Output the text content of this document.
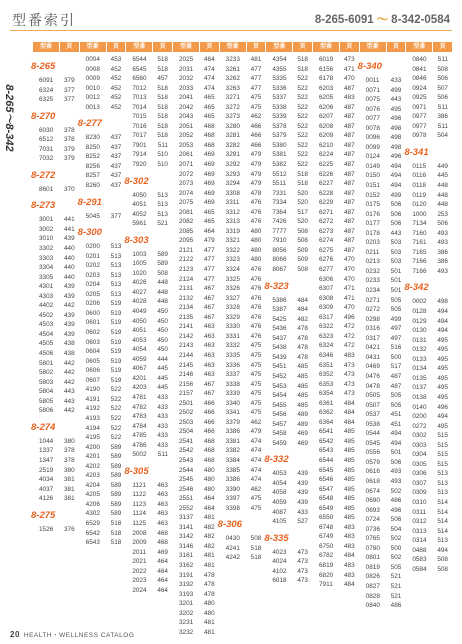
型番索引	8-265-6091 ～ 8-342-0584
8-265～8-342
型番	頁
8-265
6091 379
6324 377
6325 377
8-270
6030 378
6512 378
7031 379
7032 379
8-272
8601 370
8-273
3001 441
3002 441
3010 439
3302 440
3303 440
3304 440
3305 440
4301 439
4303 439
4402 442
4502 439
4503 439
4504 439
4505 438
4506 438
5801 442
5802 442
5803 442
5804 443
5805 443
5806 442
8-274
1044 380
1337 378
1347 378
2519 380
4034 381
4037 381
4126 381
8-275
1526 376
型番	頁
0004 453
0008 452
0009 452
0010 452
0012 452
0013 452
8-277
8230 437
8250 437
8252 437
8256 437
8257 437
8260 437
8-291
5045 377
8-300
0200 513
0201 513
0202 513
0203 513
0204 513
0205 513
0206 519
0600 519
0601 519
0602 519
0603 519
0604 519
0605 519
0606 519
0607 519
4190 522
4191 522
4192 522
4193 522
4194 522
4195 522
4200 589
4201 589
4202 589
4203 589
4204 589
4205 589
4206 589
4302 589
6529 518
6542 518
6543 518
型番	頁
6544 518
6545 518
6560 457
7012 518
7013 518
7014 518
7015 518
7016 518
7017 518
7901 511
7914 510
7920 510
8-302
4050 513
4051 513
4052 513
5961 521
8-303
1003 589
1005 589
1020 508
4026 448
4027 448
4028 448
4049 450
4050 450
4051 450
4053 450
4054 450
4059 444
4067 445
4201 445
4203 445
4781 433
4782 433
4783 433
4784 433
4785 433
4786 433
5002 511
8-305
1121 463
1122 463
1123 463
1124 463
1125 463
2008 468
2009 468
2011 469
2021 464
2022 464
2023 464
2024 464
型番	頁
2025 464
2031 474
2032 474
2033 474
2041 465
2042 465
2043 465
2051 468
2052 468
2053 468
2061 469
2071 469
2072 469
2073 469
2074 469
2075 469
2081 465
2082 465
2085 464
2095 479
2121 477
2122 477
2123 477
2124 477
2131 467
2132 467
2134 467
2135 467
2141 463
2142 463
2143 463
2144 463
2145 463
2146 463
2156 467
2157 467
2501 466
2502 466
2503 466
2504 466
2541 468
2542 468
2543 468
2544 480
2545 480
2546 480
2551 464
2552 464
3137 481
3141 482
3142 482
3146 482
3161 481
3162 481
3191 478
3192 478
3193 478
3201 480
3202 480
3231 481
3232 481
型番	頁
3233 481
3261 477
3262 477
3263 477
3271 475
3272 475
3273 462
3280 466
3281 466
3282 466
3291 479
3292 479
3293 479
3294 479
3308 478
3311 476
3312 476
3313 476
3319 480
3321 480
3322 480
3323 480
3324 476
3325 476
3326 476
3327 476
3328 476
3329 476
3330 476
3331 476
3332 475
3335 475
3336 475
3337 475
3338 475
3339 475
3340 475
3341 475
3379 462
3386 479
3381 474
3382 474
3384 474
3385 474
3386 474
3390 462
3397 475
3398 475
8-306
0430 508
4241 518
4242 518
型番	頁
4354 518
4355 518
5335 522
5336 522
5337 522
5338 522
5339 522
5378 522
5379 522
5380 522
5381 522
5382 522
5512 518
5511 518
7331 520
7334 520
7364 517
7426 520
7777 508
7910 508
8056 509
8066 509
8067 508
8-323
5386 484
5387 484
5425 482
5436 478
5437 478
5438 478
5439 478
5451 485
5452 485
5453 485
5454 485
5455 485
5456 489
5457 489
5458 469
5459 469
8-332
4053 439
4054 439
4058 439
4059 439
4087 433
4105 527
8-335
4023 473
4024 473
4102 473
6018 473
型番	頁
6019 473
6156 471
6178 470
6203 487
6205 483
6206 487
6207 487
6208 487
6209 487
6210 487
6224 487
6225 487
6226 487
6227 487
6228 487
6229 487
6271 487
6272 487
6273 487
6274 487
6275 487
6276 470
6277 470
6306 470
6307 471
6308 471
6309 470
6317 496
6322 472
6323 472
6324 472
6346 483
6351 473
6352 473
6353 473
6354 473
6361 484
6362 484
6364 484
6541 485
6542 485
6543 485
6544 485
6545 485
6546 485
6547 485
6548 485
6549 485
6550 485
6748 483
6749 483
6750 483
6782 484
6819 483
6820 483
7911 484
型番	頁
8-340
0011 433
0071 499
0075 443
0076 495
0077 496
0078 498
0096 498
0099 498
0124 496
0149 494
0150 494
0151 494
0152 499
0175 506
0176 506
0177 506
0178 443
0203 503
0211 503
0213 503
0232 501
0233 501
0234 501
0271 505
0272 505
0298 499
0316 497
0317 497
0421 516
0431 500
0469 517
0476 487
0478 487
0505 505
0507 505
0537 451
0538 451
0544 494
0545 494
0556 501
0579 506
0616 493
0618 493
0674 502
0690 486
0693 496
0724 506
0736 504
0765 502
0780 500
0801 502
0819 505
0826 521
0827 521
0828 521
0840 486
型番	頁
0840 511
0841 508
0846 506
0924 507
0925 506
0971 511
0977 386
0977 511
0978 504
8-341
0115 449
0116 445
0118 448
0119 448
0120 448
1000 253
7134 506
7160 493
7161 493
7165 386
7166 386
7166 493
8-342
0002 498
0128 494
0129 494
0130 494
0131 495
0132 495
0133 495
0134 495
0135 495
0137 495
0138 495
0140 496
0200 494
0272 495
0302 515
0303 515
0304 515
0305 515
0306 513
0307 513
0309 513
0310 514
0311 514
0312 514
0313 514
0314 513
0488 494
0583 508
0584 508
20 HEALTH・WELLNESS CATALOG
